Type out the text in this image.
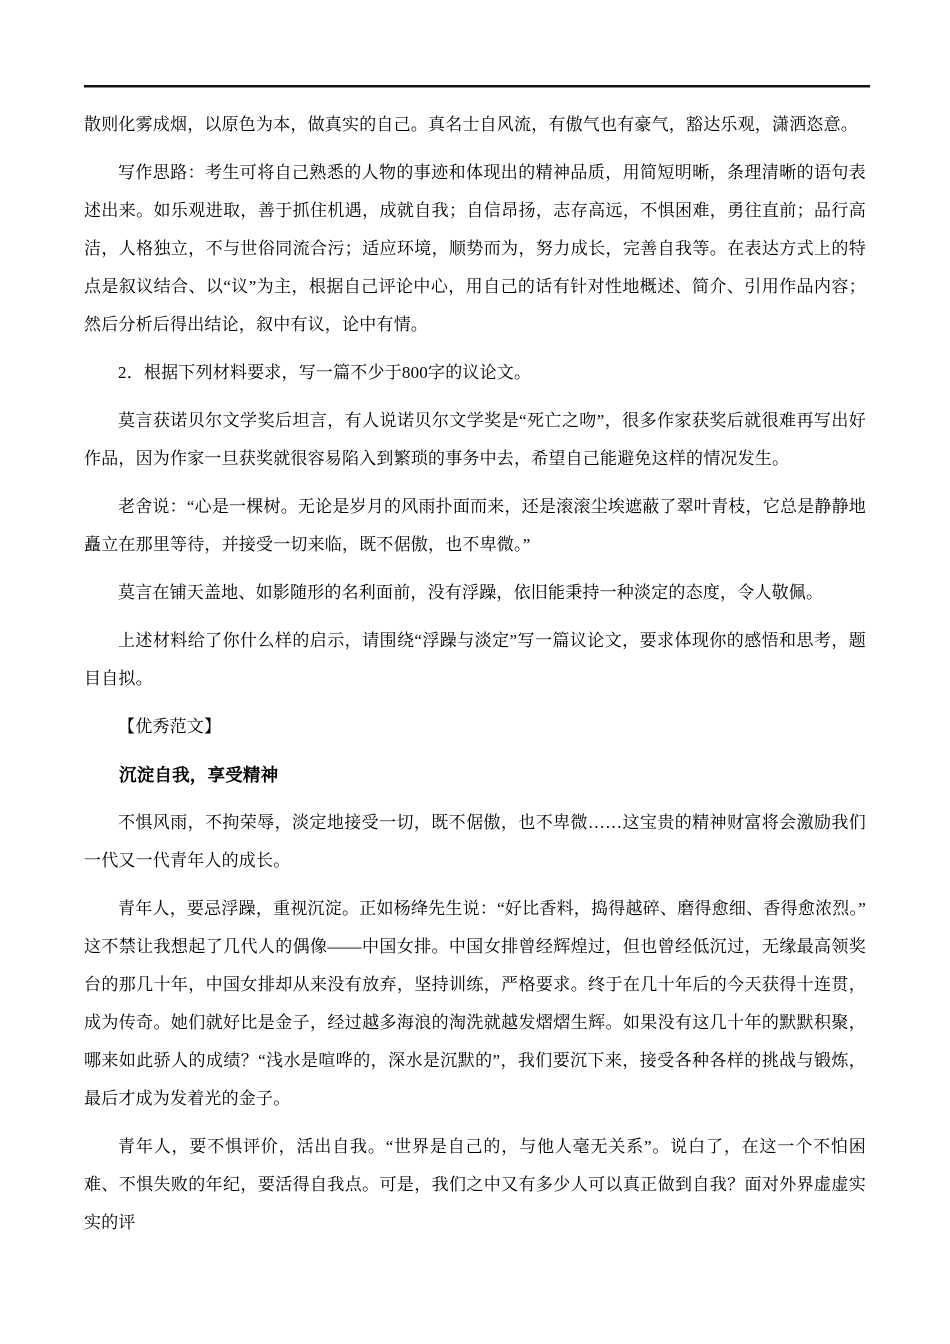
散则化雾成烟，以原色为本，做真实的自己。真名士自风流，有傲气也有豪气，豁达乐观，潇洒恣意。

写作思路：考生可将自己熟悉的人物的事迹和体现出的精神品质，用简短明晰，条理清晰的语句表述出来。如乐观进取，善于抓住机遇，成就自我；自信昂扬，志存高远，不惧困难，勇往直前；品行高洁，人格独立，不与世俗同流合污；适应环境，顺势而为，努力成长，完善自我等。在表达方式上的特点是叙议结合、以“议”为主，根据自己评论中心，用自己的话有针对性地概述、简介、引用作品内容；然后分析后得出结论，叙中有议，论中有情。

2．根据下列材料要求，写一篇不少于800字的议论文。

莫言获诺贝尔文学奖后坦言，有人说诺贝尔文学奖是“死亡之吻”，很多作家获奖后就很难再写出好作品，因为作家一旦获奖就很容易陷入到繁琐的事务中去，希望自己能避免这样的情况发生。

老舍说：“心是一棵树。无论是岁月的风雨扑面而来，还是滚滚尘埃遮蔽了翠叶青枝，它总是静静地矗立在那里等待，并接受一切来临，既不倨傲，也不卑微。”

莫言在铺天盖地、如影随形的名利面前，没有浮躁，依旧能秉持一种淡定的态度，令人敬佩。

上述材料给了你什么样的启示，请围绕“浮躁与淡定”写一篇议论文，要求体现你的感悟和思考，题目自拟。

【优秀范文】

沉淀自我，享受精神

不惧风雨，不拘荣辱，淡定地接受一切，既不倨傲，也不卑微……这宝贵的精神财富将会激励我们一代又一代青年人的成长。

青年人，要忌浮躁，重视沉淀。正如杨绛先生说：“好比香料，捣得越碎、磨得愈细、香得愈浓烈。”这不禁让我想起了几代人的偶像——中国女排。中国女排曾经辉煌过，但也曾经低沉过，无缘最高领奖台的那几十年，中国女排却从来没有放弃，坚持训练，严格要求。终于在几十年后的今天获得十连贯，成为传奇。她们就好比是金子，经过越多海浪的淘洗就越发熠熠生辉。如果没有这几十年的默默积聚，哪来如此骄人的成绩？“浅水是喧哗的，深水是沉默的”，我们要沉下来，接受各种各样的挑战与锻炼，最后才成为发着光的金子。

青年人，要不惧评价，活出自我。“世界是自己的，与他人毫无关系”。说白了，在这一个不怕困难、不惧失败的年纪，要活得自我点。可是，我们之中又有多少人可以真正做到自我？面对外界虚虚实实的评
